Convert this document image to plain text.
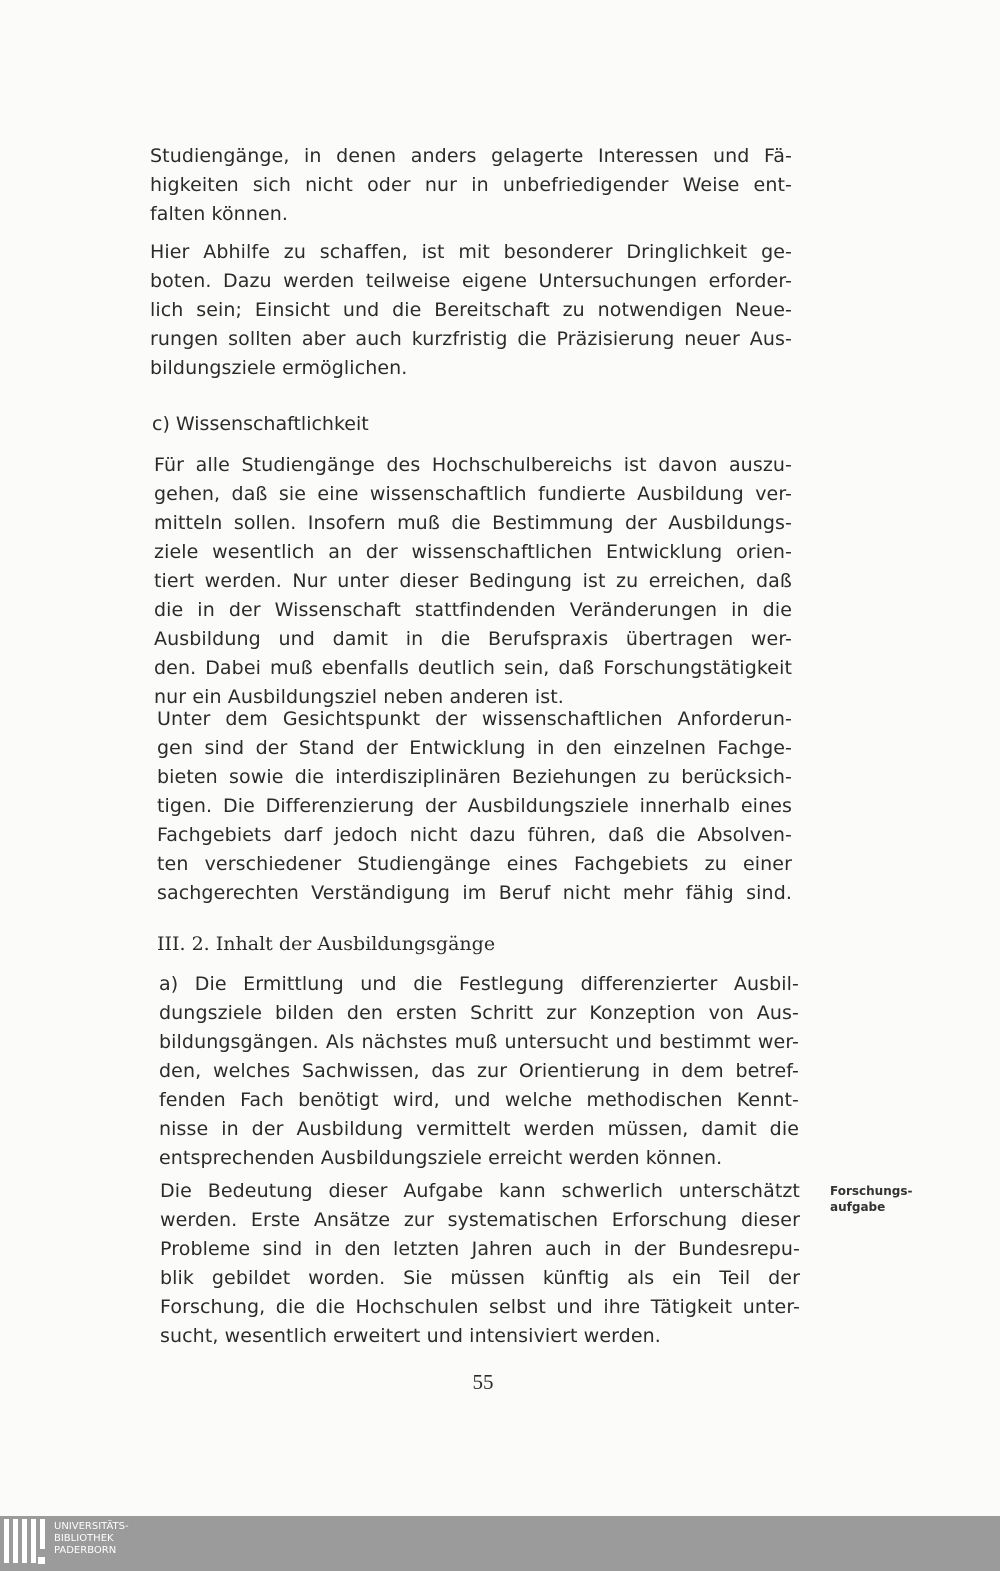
Studiengänge, in denen anders gelagerte Interessen und Fä-
higkeiten sich nicht oder nur in unbefriedigender Weise ent-
falten können.
Hier Abhilfe zu schaffen, ist mit besonderer Dringlichkeit ge-
boten. Dazu werden teilweise eigene Untersuchungen erforder-
lich sein; Einsicht und die Bereitschaft zu notwendigen Neue-
rungen sollten aber auch kurzfristig die Präzisierung neuer Aus-
bildungsziele ermöglichen.
c) Wissenschaftlichkeit
Für alle Studiengänge des Hochschulbereichs ist davon auszu-
gehen, daß sie eine wissenschaftlich fundierte Ausbildung ver-
mitteln sollen. Insofern muß die Bestimmung der Ausbildungs-
ziele wesentlich an der wissenschaftlichen Entwicklung orien-
tiert werden. Nur unter dieser Bedingung ist zu erreichen, daß
die in der Wissenschaft stattfindenden Veränderungen in die
Ausbildung und damit in die Berufspraxis übertragen wer-
den. Dabei muß ebenfalls deutlich sein, daß Forschungstätigkeit
nur ein Ausbildungsziel neben anderen ist.
Unter dem Gesichtspunkt der wissenschaftlichen Anforderun-
gen sind der Stand der Entwicklung in den einzelnen Fachge-
bieten sowie die interdisziplinären Beziehungen zu berücksich-
tigen. Die Differenzierung der Ausbildungsziele innerhalb eines
Fachgebiets darf jedoch nicht dazu führen, daß die Absolven-
ten verschiedener Studiengänge eines Fachgebiets zu einer
sachgerechten Verständigung im Beruf nicht mehr fähig sind.
III. 2. Inhalt der Ausbildungsgänge
a) Die Ermittlung und die Festlegung differenzierter Ausbil-
dungsziele bilden den ersten Schritt zur Konzeption von Aus-
bildungsgängen. Als nächstes muß untersucht und bestimmt wer-
den, welches Sachwissen, das zur Orientierung in dem betref-
fenden Fach benötigt wird, und welche methodischen Kennt-
nisse in der Ausbildung vermittelt werden müssen, damit die
entsprechenden Ausbildungsziele erreicht werden können.
Die Bedeutung dieser Aufgabe kann schwerlich unterschätzt
werden. Erste Ansätze zur systematischen Erforschung dieser
Probleme sind in den letzten Jahren auch in der Bundesrepu-
blik gebildet worden. Sie müssen künftig als ein Teil der
Forschung, die die Hochschulen selbst und ihre Tätigkeit unter-
sucht, wesentlich erweitert und intensiviert werden.
Forschungs-
aufgabe
55
UNIVERSITÄTS-
BIBLIOTHEK
PADERBORN
